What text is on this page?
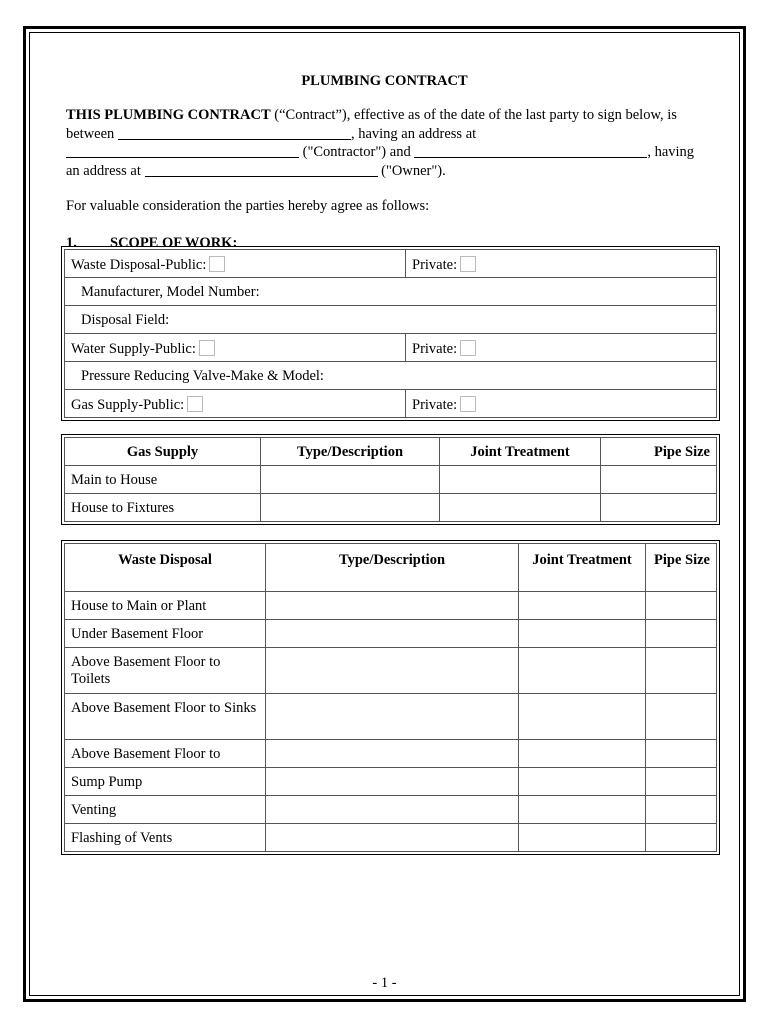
PLUMBING CONTRACT
THIS PLUMBING CONTRACT (“Contract”), effective as of the date of the last party to sign below, is
between	, having an address at
("Contractor") and	, having
an address at	("Owner").
For valuable consideration the parties hereby agree as follows:
1. SCOPE OF WORK:
Waste Disposal-Public:	Private:
Manufacturer, Model Number:	
Disposal Field:	
Water Supply-Public:	Private:
Pressure Reducing Valve-Make & Model:	
Gas Supply-Public:	Private:
Gas Supply	Type/Description	Joint Treatment	Pipe Size
Main to House			
House to Fixtures			
Waste Disposal	Type/Description	Joint Treatment	Pipe Size
House to Main or Plant			
Under Basement Floor			
Above Basement Floor to Toilets			
Above Basement Floor to Sinks			
Above Basement Floor to			
Sump Pump			
Venting			
Flashing of Vents			
- 1 -
